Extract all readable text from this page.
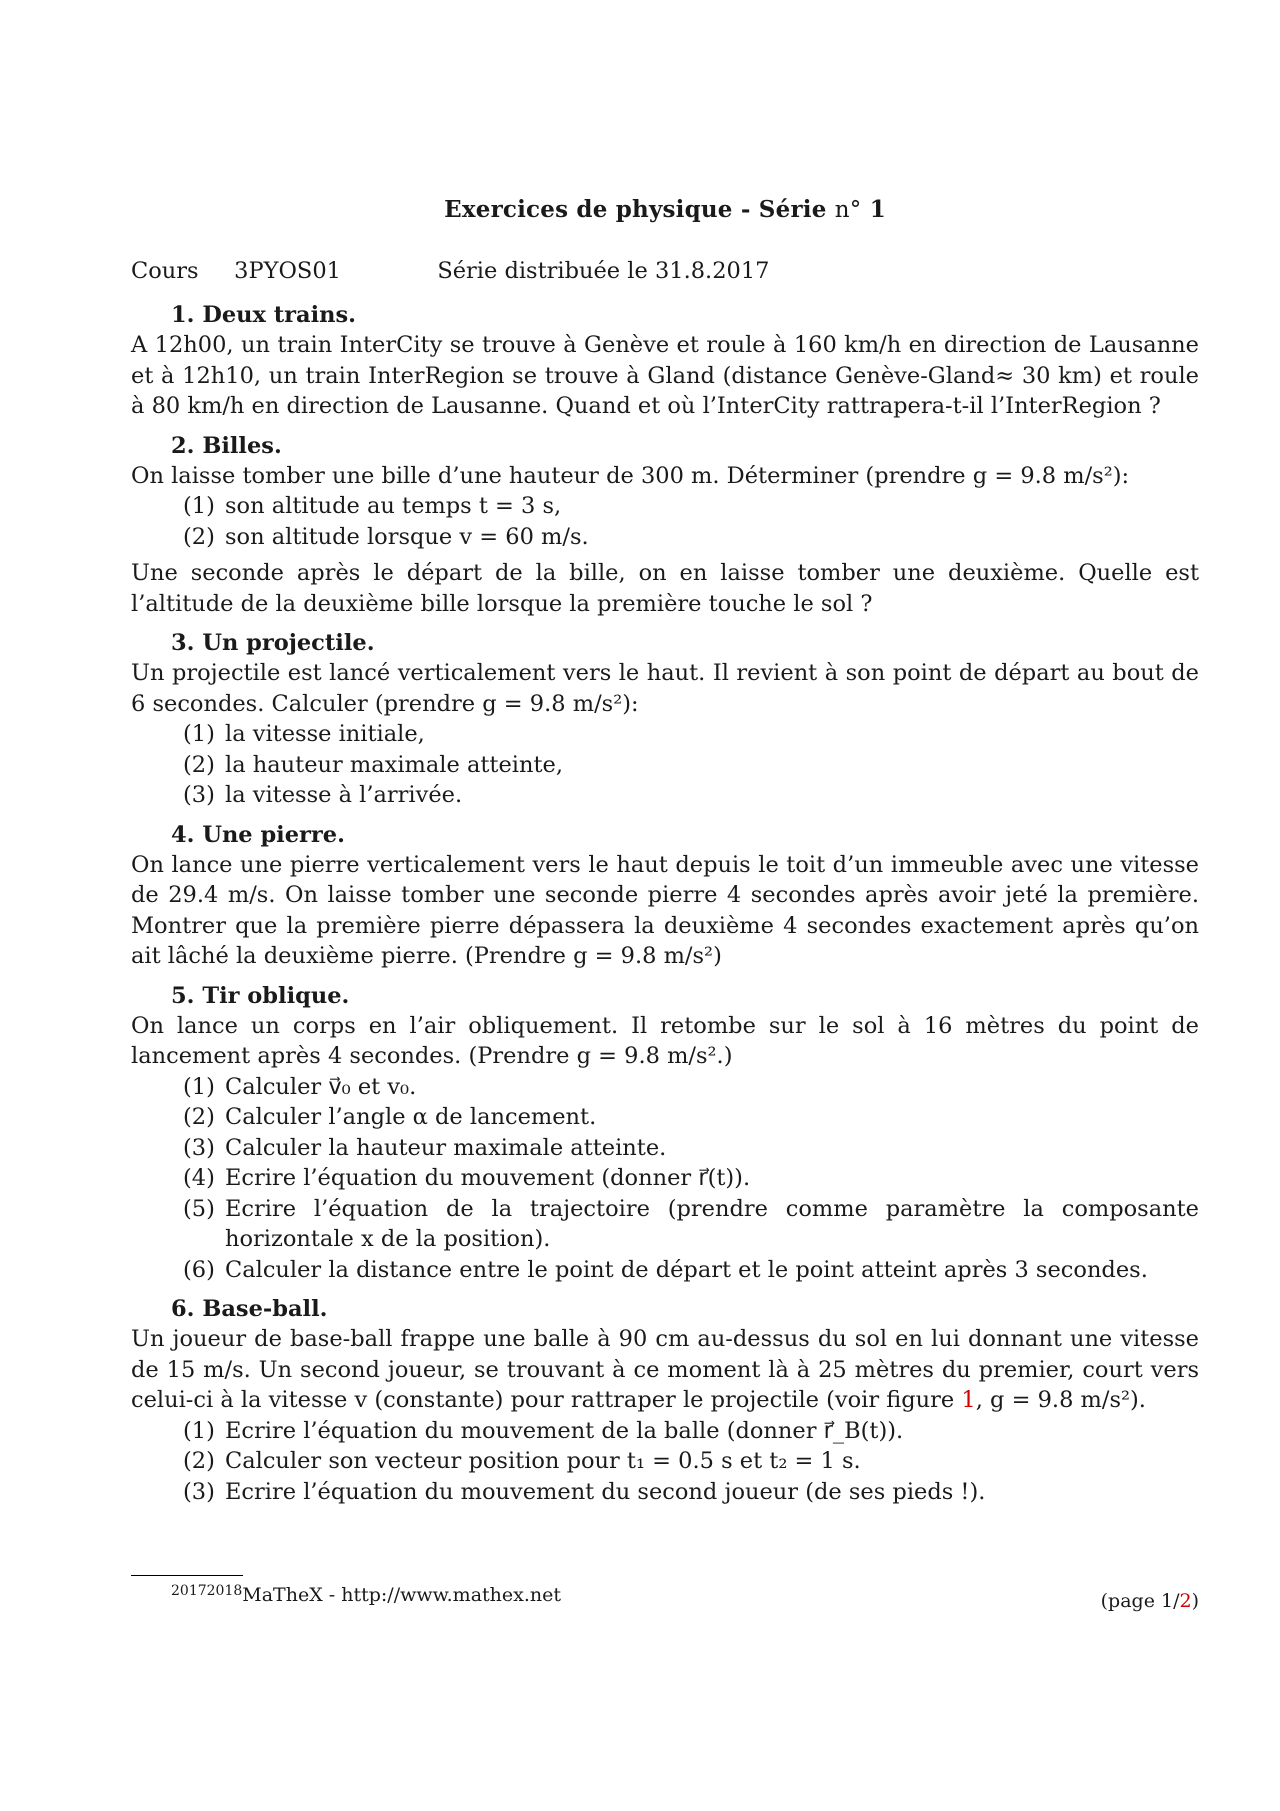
Exercices de physique - Série n° 1
Cours 3PYOS01	Série distribuée le 31.8.2017
1. Deux trains.

A 12h00, un train InterCity se trouve à Genève et roule à 160 km/h en direction de Lausanne et à 12h10, un train InterRegion se trouve à Gland (distance Genève-Gland≈ 30 km) et roule à 80 km/h en direction de Lausanne. Quand et où l’InterCity rattrapera-t-il l’InterRegion ?

2. Billes.

On laisse tomber une bille d’une hauteur de 300 m. Déterminer (prendre g = 9.8 m/s²):

(1) son altitude au temps t = 3 s,
(2) son altitude lorsque v = 60 m/s.

Une seconde après le départ de la bille, on en laisse tomber une deuxième. Quelle est l’altitude de la deuxième bille lorsque la première touche le sol ?

3. Un projectile.

Un projectile est lancé verticalement vers le haut. Il revient à son point de départ au bout de 6 secondes. Calculer (prendre g = 9.8 m/s²):

(1) la vitesse initiale,
(2) la hauteur maximale atteinte,
(3) la vitesse à l’arrivée.
4. Une pierre.

On lance une pierre verticalement vers le haut depuis le toit d’un immeuble avec une vitesse de 29.4 m/s. On laisse tomber une seconde pierre 4 secondes après avoir jeté la première. Montrer que la première pierre dépassera la deuxième 4 secondes exactement après qu’on ait lâché la deuxième pierre. (Prendre g = 9.8 m/s²)

5. Tir oblique.

On lance un corps en l’air obliquement. Il retombe sur le sol à 16 mètres du point de lancement après 4 secondes. (Prendre g = 9.8 m/s².)

(1) Calculer v⃗₀ et v₀.
(2) Calculer l’angle α de lancement.
(3) Calculer la hauteur maximale atteinte.
(4) Ecrire l’équation du mouvement (donner r⃗(t)).
(5) Ecrire l’équation de la trajectoire (prendre comme paramètre la composante horizontale x de la position).
(6) Calculer la distance entre le point de départ et le point atteint après 3 secondes.
6. Base-ball.

Un joueur de base-ball frappe une balle à 90 cm au-dessus du sol en lui donnant une vitesse de 15 m/s. Un second joueur, se trouvant à ce moment là à 25 mètres du premier, court vers celui-ci à la vitesse v (constante) pour rattraper le projectile (voir figure 1, g = 9.8 m/s²).

(1) Ecrire l’équation du mouvement de la balle (donner r⃗_B(t)).
(2) Calculer son vecteur position pour t₁ = 0.5 s et t₂ = 1 s.
(3) Ecrire l’équation du mouvement du second joueur (de ses pieds !).
$^{20172018}$MaTheX - http://www.mathex.net	(page 1/2)
